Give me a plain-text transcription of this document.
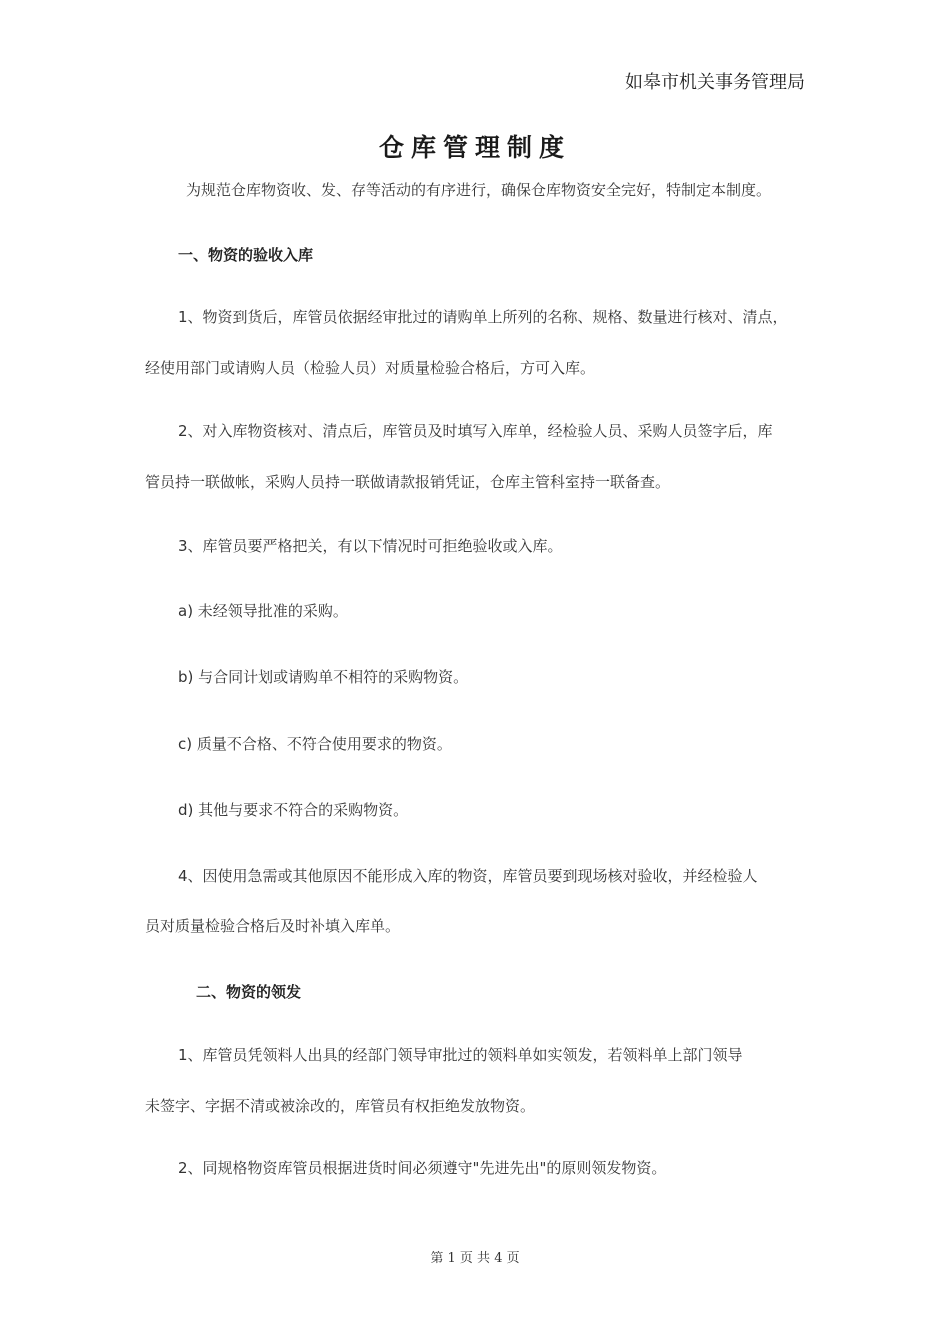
如皋市机关事务管理局
仓库管理制度
为规范仓库物资收、发、存等活动的有序进行，确保仓库物资安全完好，特制定本制度。
一、物资的验收入库
1、物资到货后，库管员依据经审批过的请购单上所列的名称、规格、数量进行核对、清点，
经使用部门或请购人员（检验人员）对质量检验合格后，方可入库。
2、对入库物资核对、清点后，库管员及时填写入库单，经检验人员、采购人员签字后，库
管员持一联做帐，采购人员持一联做请款报销凭证，仓库主管科室持一联备查。
3、库管员要严格把关，有以下情况时可拒绝验收或入库。
a) 未经领导批准的采购。
b) 与合同计划或请购单不相符的采购物资。
c) 质量不合格、不符合使用要求的物资。
d) 其他与要求不符合的采购物资。
4、因使用急需或其他原因不能形成入库的物资，库管员要到现场核对验收，并经检验人
员对质量检验合格后及时补填入库单。
二、物资的领发
1、库管员凭领料人出具的经部门领导审批过的领料单如实领发，若领料单上部门领导
未签字、字据不清或被涂改的，库管员有权拒绝发放物资。
2、同规格物资库管员根据进货时间必须遵守"先进先出"的原则领发物资。
第 1 页 共 4 页
